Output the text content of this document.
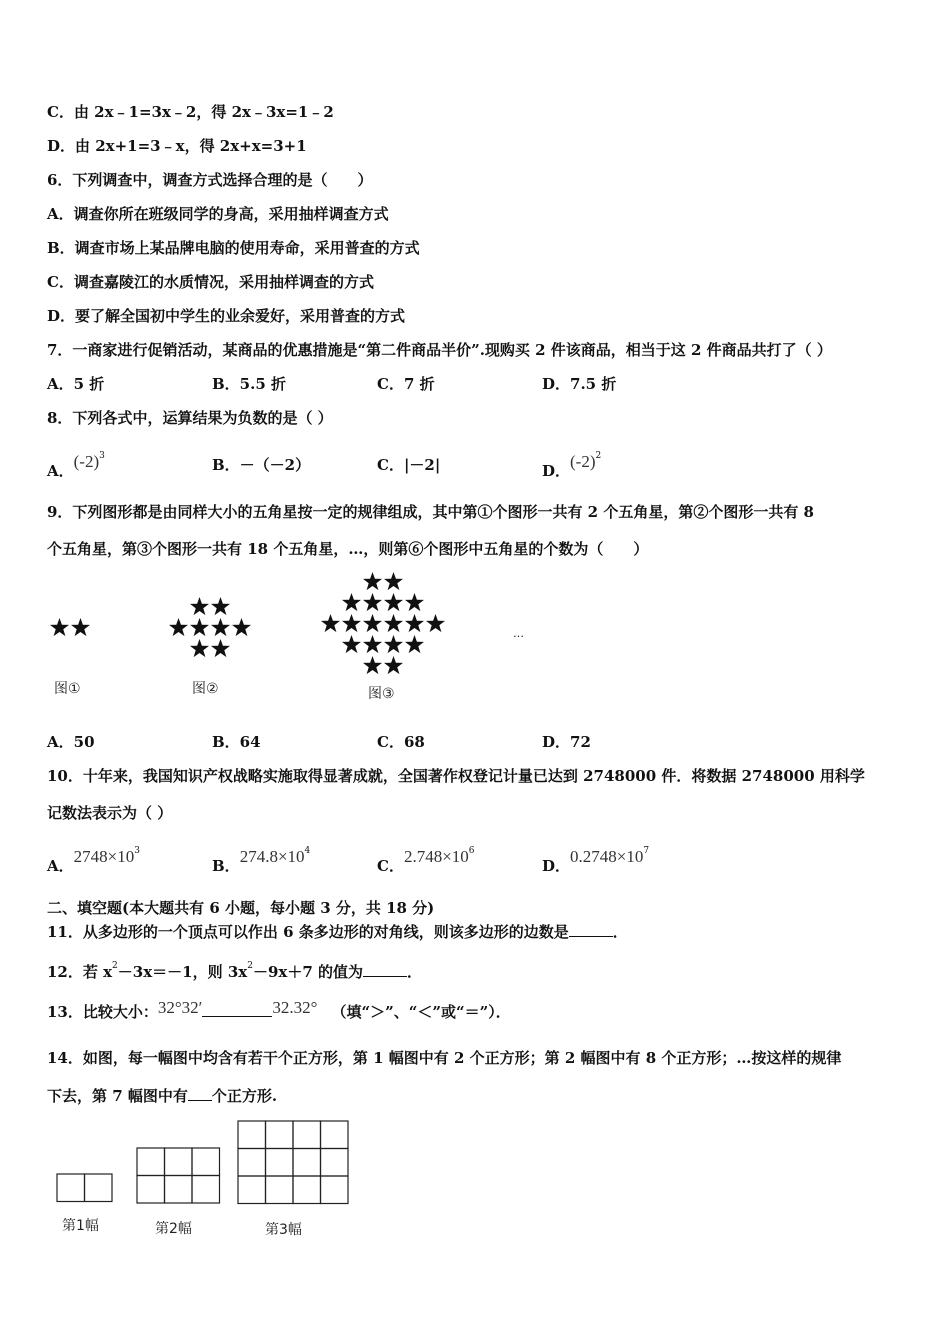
C．由 2x﹣1=3x﹣2，得 2x﹣3x=1﹣2
D．由 2x+1=3﹣x，得 2x+x=3+1
6．下列调查中，调查方式选择合理的是（　　）
A．调查你所在班级同学的身高，采用抽样调查方式
B．调查市场上某品牌电脑的使用寿命，采用普查的方式
C．调查嘉陵江的水质情况，采用抽样调查的方式
D．要了解全国初中学生的业余爱好，采用普查的方式
7．一商家进行促销活动，某商品的优惠措施是“第二件商品半价”.现购买 2 件该商品，相当于这 2 件商品共打了（ ）
A．5 折	B．5.5 折	C．7 折	D．7.5 折
8．下列各式中，运算结果为负数的是（ ）
A．$(-2)^3$	B．－（－2）	C．|－2|	D．$(-2)^2$
9．下列图形都是由同样大小的五角星按一定的规律组成，其中第①个图形一共有 2 个五角星，第②个图形一共有 8
个五角星，第③个图形一共有 18 个五角星，…，则第⑥个图形中五角星的个数为（　　）
图①	图②	图③
…
A．50	B．64	C．68	D．72
10．十年来，我国知识产权战略实施取得显著成就，全国著作权登记计量已达到 2748000 件．将数据 2748000 用科学
记数法表示为（ ）
A．$2748\times 10^3$
B．$274.8\times 10^4$
C．$2.748\times 10^6$
D．$0.2748\times 10^7$
二、填空题(本大题共有 6 小题，每小题 3 分，共 18 分)
11．从多边形的一个顶点可以作出 6 条多边形的对角线，则该多边形的边数是	．
12．若 $x^2-3x=-1$，则 $3x^2-9x+7$ 的值为	．
13．比较大小：32°32′	32.32° （填“＞”、“＜”或“＝”）．
14．如图，每一幅图中均含有若干个正方形，第 1 幅图中有 2 个正方形；第 2 幅图中有 8 个正方形；…按这样的规律
下去，第 7 幅图中有 个正方形.
第1幅	第2幅	第3幅
